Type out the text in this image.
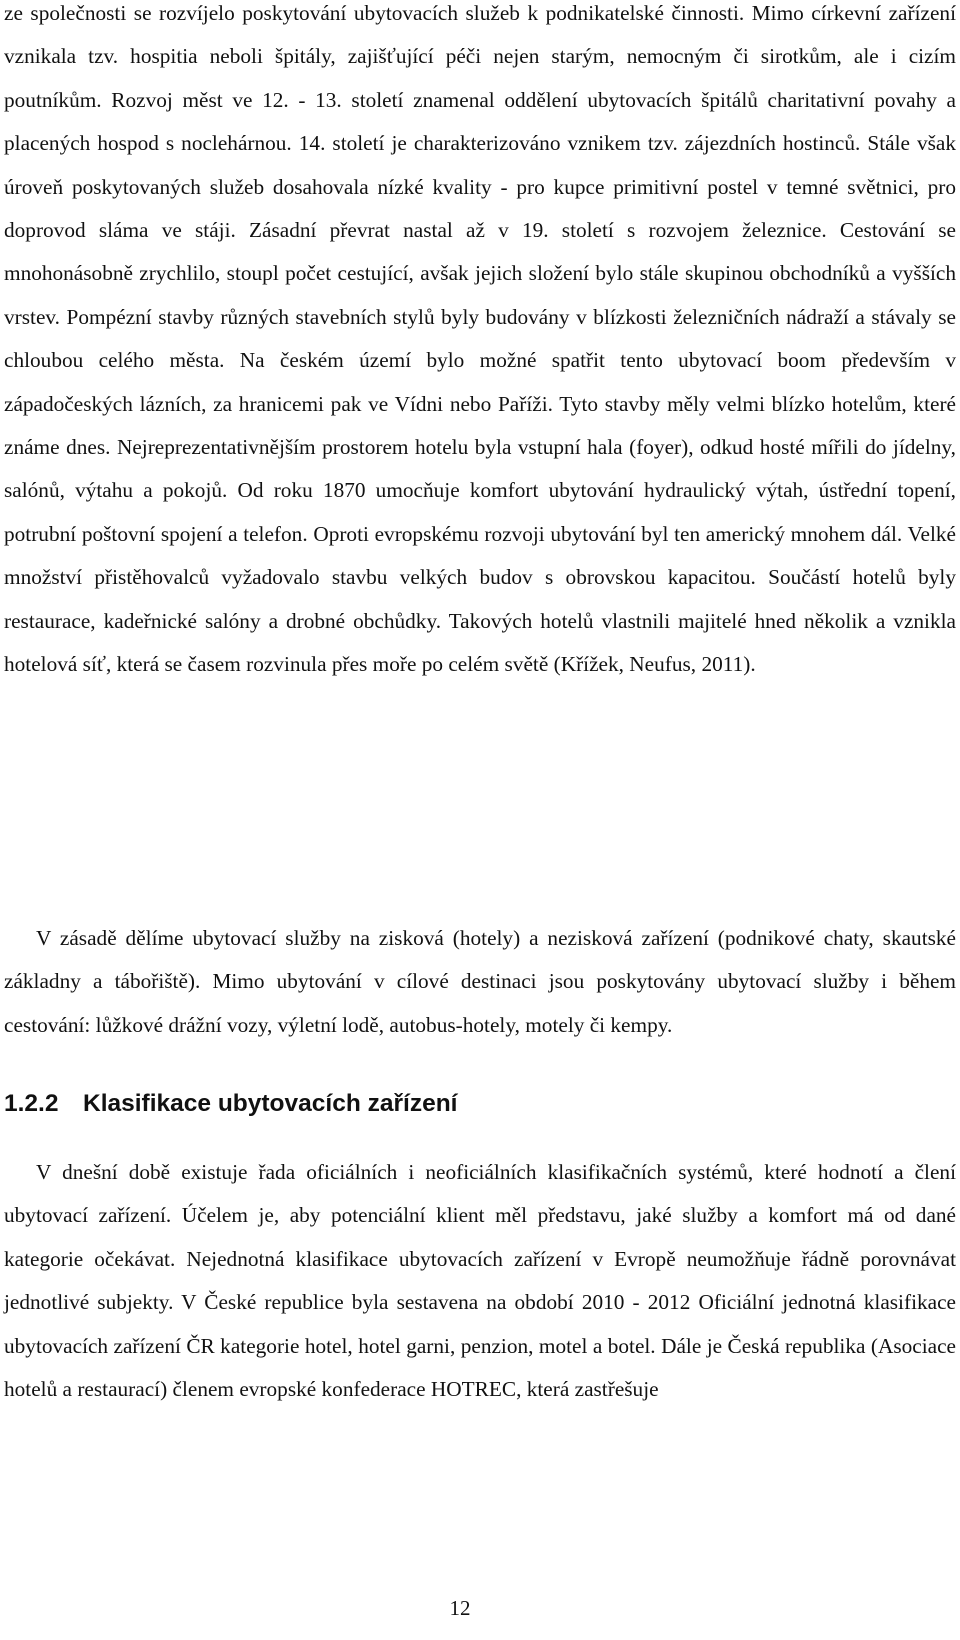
ze společnosti se rozvíjelo poskytování ubytovacích služeb k podnikatelské činnosti. Mimo církevní zařízení vznikala tzv. hospitia neboli špitály, zajišťující péči nejen starým, nemocným či sirotkům, ale i cizím poutníkům. Rozvoj měst ve 12. - 13. století znamenal oddělení ubytovacích špitálů charitativní povahy a placených hospod s noclehárnou. 14. století je charakterizováno vznikem tzv. zájezdních hostinců. Stále však úroveň poskytovaných služeb dosahovala nízké kvality - pro kupce primitivní postel v temné světnici, pro doprovod sláma ve stáji. Zásadní převrat nastal až v 19. století s rozvojem železnice. Cestování se mnohonásobně zrychlilo, stoupl počet cestující, avšak jejich složení bylo stále skupinou obchodníků a vyšších vrstev. Pompézní stavby různých stavebních stylů byly budovány v blízkosti železničních nádraží a stávaly se chloubou celého města. Na českém území bylo možné spatřit tento ubytovací boom především v západočeských lázních, za hranicemi pak ve Vídni nebo Paříži. Tyto stavby měly velmi blízko hotelům, které známe dnes. Nejreprezentativnějším prostorem hotelu byla vstupní hala (foyer), odkud hosté mířili do jídelny, salónů, výtahu a pokojů. Od roku 1870 umocňuje komfort ubytování hydraulický výtah, ústřední topení, potrubní poštovní spojení a telefon. Oproti evropskému rozvoji ubytování byl ten americký mnohem dál. Velké množství přistěhovalců vyžadovalo stavbu velkých budov s obrovskou kapacitou. Součástí hotelů byly restaurace, kadeřnické salóny a drobné obchůdky. Takových hotelů vlastnili majitelé hned několik a vznikla hotelová síť, která se časem rozvinula přes moře po celém světě (Křížek, Neufus, 2011).

V zásadě dělíme ubytovací služby na zisková (hotely) a nezisková zařízení (podnikové chaty, skautské základny a tábořiště). Mimo ubytování v cílové destinaci jsou poskytovány ubytovací služby i během cestování: lůžkové drážní vozy, výletní lodě, autobus-hotely, motely či kempy.

1.2.2 Klasifikace ubytovacích zařízení

V dnešní době existuje řada oficiálních i neoficiálních klasifikačních systémů, které hodnotí a člení ubytovací zařízení. Účelem je, aby potenciální klient měl představu, jaké služby a komfort má od dané kategorie očekávat. Nejednotná klasifikace ubytovacích zařízení v Evropě neumožňuje řádně porovnávat jednotlivé subjekty. V České republice byla sestavena na období 2010 - 2012 Oficiální jednotná klasifikace ubytovacích zařízení ČR kategorie hotel, hotel garni, penzion, motel a botel. Dále je Česká republika (Asociace hotelů a restaurací) členem evropské konfederace HOTREC, která zastřešuje

12
